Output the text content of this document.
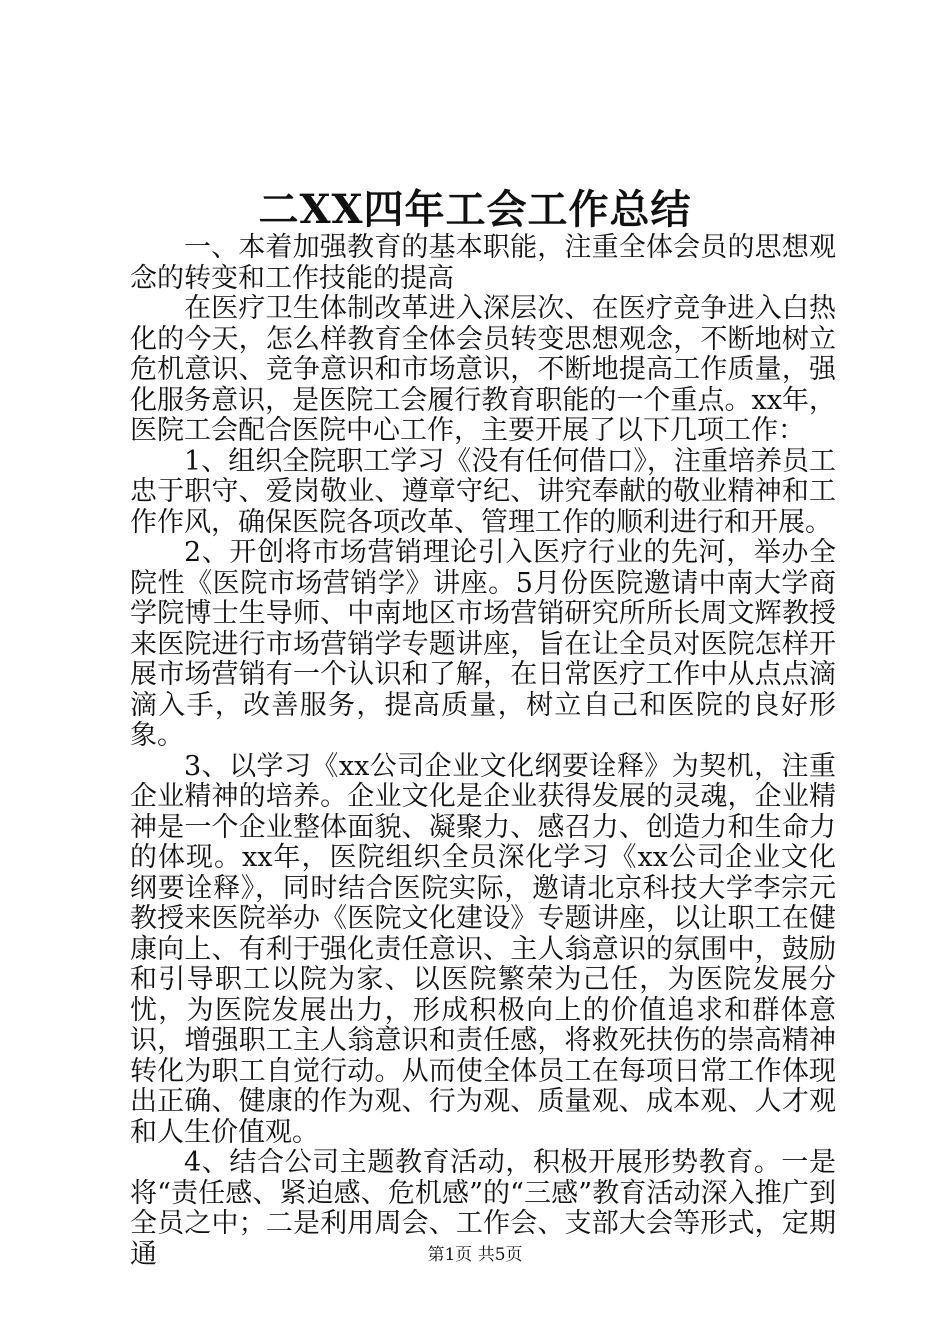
二XX四年工会工作总结

一、本着加强教育的基本职能，注重全体会员的思想观念的转变和工作技能的提高

在医疗卫生体制改革进入深层次、在医疗竞争进入白热化的今天，怎么样教育全体会员转变思想观念，不断地树立危机意识、竞争意识和市场意识，不断地提高工作质量，强化服务意识，是医院工会履行教育职能的一个重点。xx年，医院工会配合医院中心工作，主要开展了以下几项工作：

1、组织全院职工学习《没有任何借口》，注重培养员工忠于职守、爱岗敬业、遵章守纪、讲究奉献的敬业精神和工作作风，确保医院各项改革、管理工作的顺利进行和开展。

2、开创将市场营销理论引入医疗行业的先河，举办全院性《医院市场营销学》讲座。5月份医院邀请中南大学商学院博士生导师、中南地区市场营销研究所所长周文辉教授来医院进行市场营销学专题讲座，旨在让全员对医院怎样开展市场营销有一个认识和了解，在日常医疗工作中从点点滴滴入手，改善服务，提高质量，树立自己和医院的良好形象。

3、以学习《xx公司企业文化纲要诠释》为契机，注重企业精神的培养。企业文化是企业获得发展的灵魂，企业精神是一个企业整体面貌、凝聚力、感召力、创造力和生命力的体现。xx年，医院组织全员深化学习《xx公司企业文化纲要诠释》，同时结合医院实际，邀请北京科技大学李宗元教授来医院举办《医院文化建设》专题讲座，以让职工在健康向上、有利于强化责任意识、主人翁意识的氛围中，鼓励和引导职工以院为家、以医院繁荣为己任，为医院发展分忧，为医院发展出力，形成积极向上的价值追求和群体意识，增强职工主人翁意识和责任感，将救死扶伤的崇高精神转化为职工自觉行动。从而使全体员工在每项日常工作体现出正确、健康的作为观、行为观、质量观、成本观、人才观和人生价值观。

4、结合公司主题教育活动，积极开展形势教育。一是将“责任感、紧迫感、危机感”的“三感”教育活动深入推广到全员之中；二是利用周会、工作会、支部大会等形式，定期通	第1页 共5页
